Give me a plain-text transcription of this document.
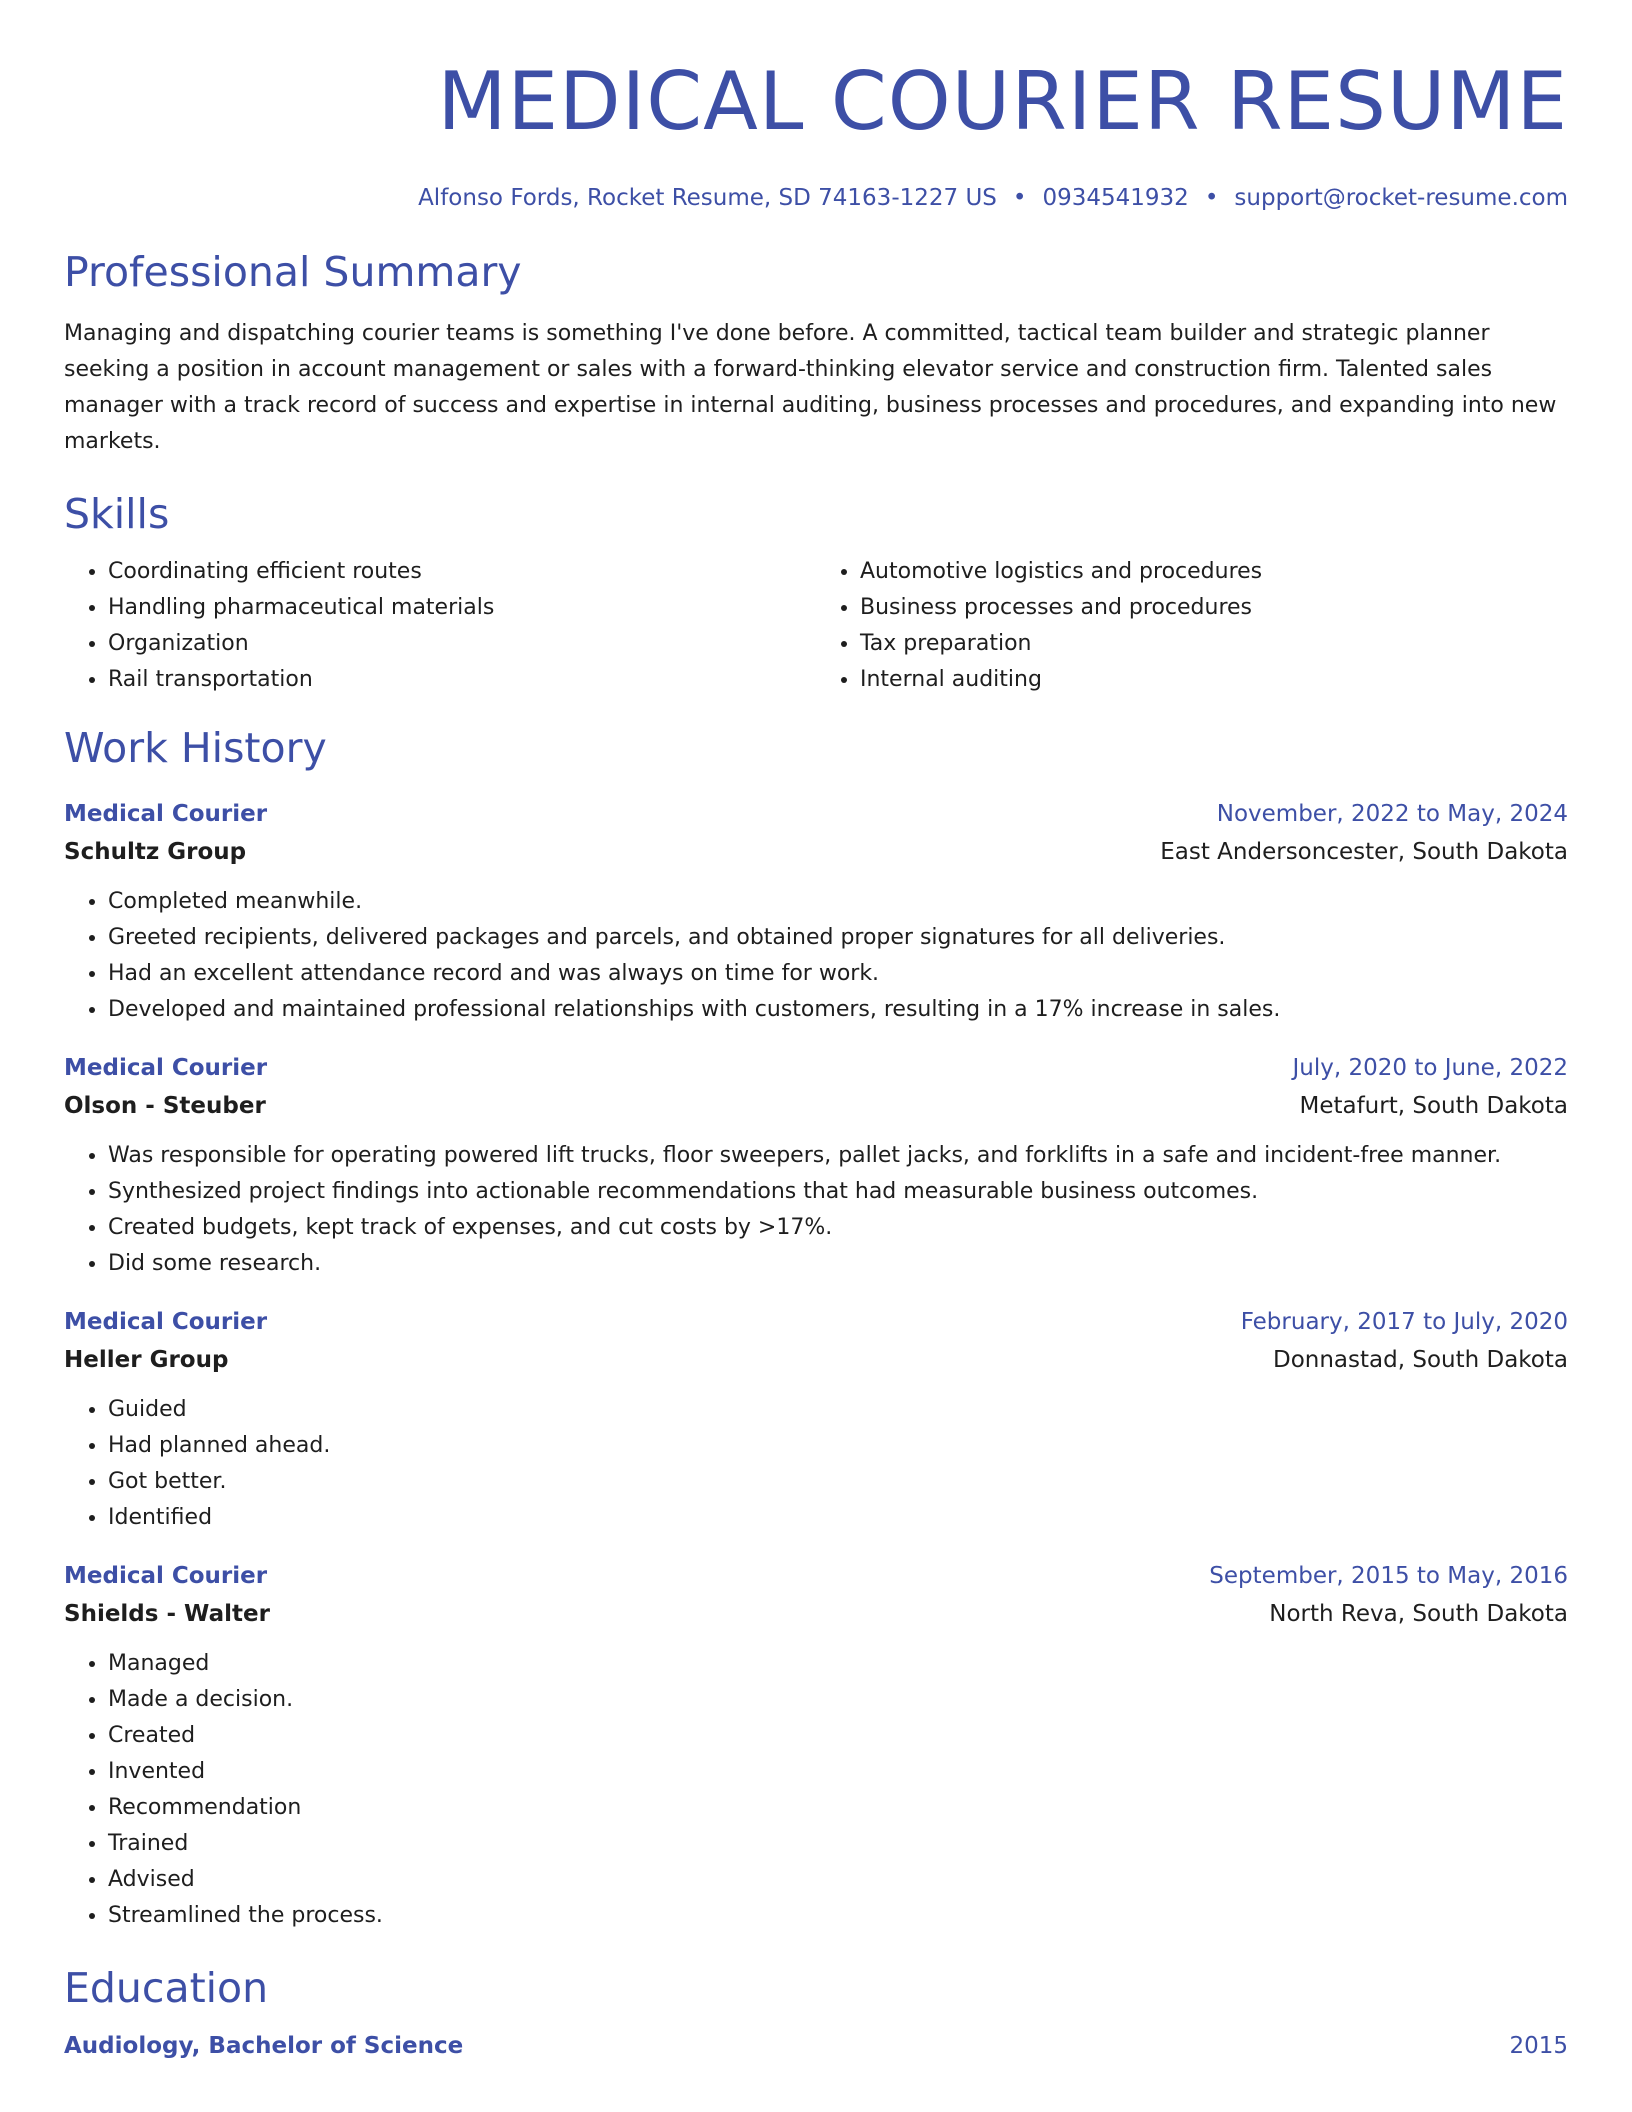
MEDICAL COURIER RESUME
Alfonso Fords, Rocket Resume, SD 74163-1227 US • 0934541932 • support@rocket-resume.com
Professional Summary

Managing and dispatching courier teams is something I've done before. A committed, tactical team builder and strategic planner seeking a position in account management or sales with a forward-thinking elevator service and construction firm. Talented sales manager with a track record of success and expertise in internal auditing, business processes and procedures, and expanding into new markets.

Skills
• Coordinating efficient routes
• Handling pharmaceutical materials
• Organization
• Rail transportation
• Automotive logistics and procedures
• Business processes and procedures
• Tax preparation
• Internal auditing
Work History
Medical Courier	November, 2022 to May, 2024
Schultz Group	East Andersoncester, South Dakota
• Completed meanwhile.
• Greeted recipients, delivered packages and parcels, and obtained proper signatures for all deliveries.
• Had an excellent attendance record and was always on time for work.
• Developed and maintained professional relationships with customers, resulting in a 17% increase in sales.
Medical Courier	July, 2020 to June, 2022
Olson - Steuber	Metafurt, South Dakota
• Was responsible for operating powered lift trucks, floor sweepers, pallet jacks, and forklifts in a safe and incident-free manner.
• Synthesized project findings into actionable recommendations that had measurable business outcomes.
• Created budgets, kept track of expenses, and cut costs by >17%.
• Did some research.
Medical Courier	February, 2017 to July, 2020
Heller Group	Donnastad, South Dakota
• Guided
• Had planned ahead.
• Got better.
• Identified
Medical Courier	September, 2015 to May, 2016
Shields - Walter	North Reva, South Dakota
• Managed
• Made a decision.
• Created
• Invented
• Recommendation
• Trained
• Advised
• Streamlined the process.
Education
Audiology, Bachelor of Science	2015
